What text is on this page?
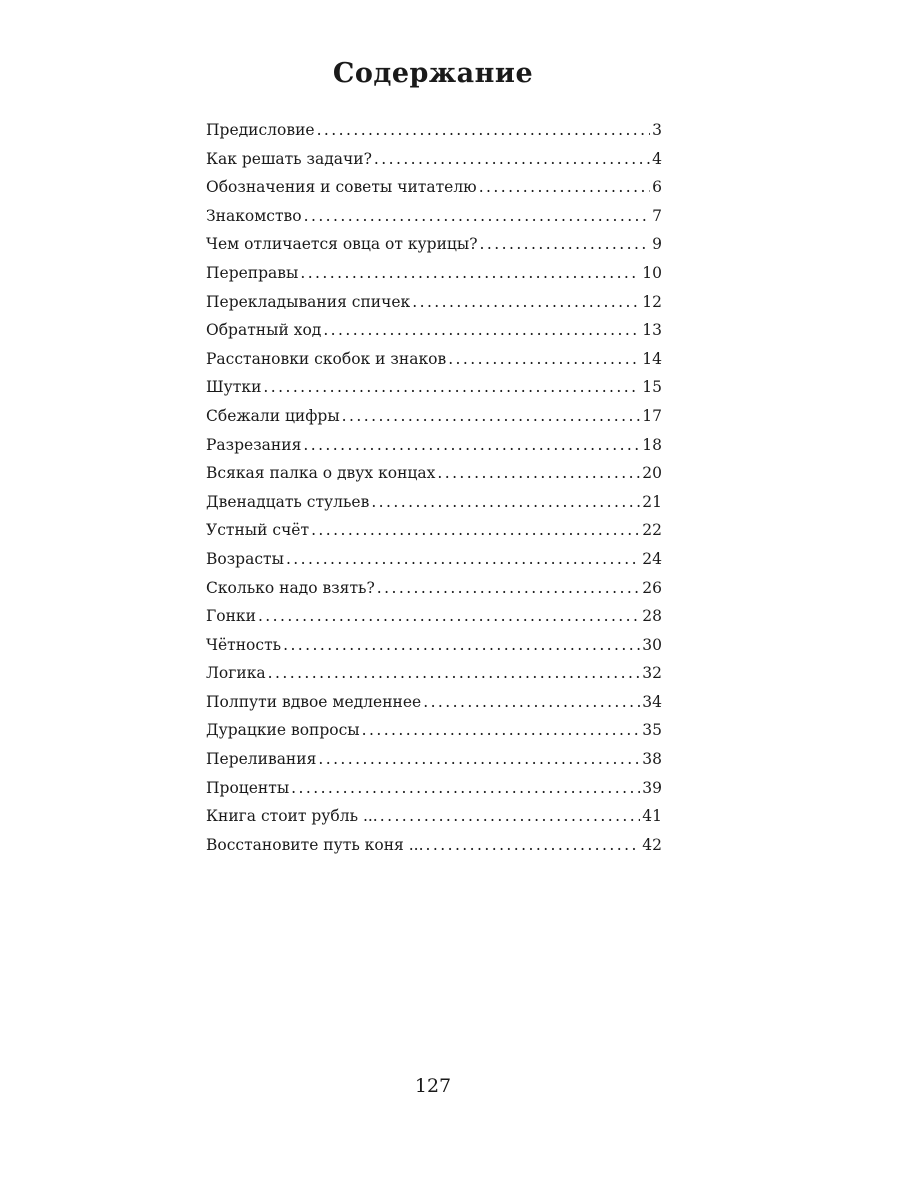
Содержание
Предисловие . . .	3
Как решать задачи? . . .	4
Обозначения и советы читателю . . .	6
Знакомство . . .	7
Чем отличается овца от курицы? . . .	9
Переправы . . .	10
Перекладывания спичек . . .	12
Обратный ход . . .	13
Расстановки скобок и знаков . . .	14
Шутки . . .	15
Сбежали цифры . . .	17
Разрезания . . .	18
Всякая палка о двух концах . . .	20
Двенадцать стульев . . .	21
Устный счёт . . .	22
Возрасты . . .	24
Сколько надо взять? . . .	26
Гонки . . .	28
Чётность . . .	30
Логика . . .	32
Полпути вдвое медленнее . . .	34
Дурацкие вопросы . . .	35
Переливания . . .	38
Проценты . . .	39
Книга стоит рубль ... . . .	41
Восстановите путь коня ... . . .	42
127
